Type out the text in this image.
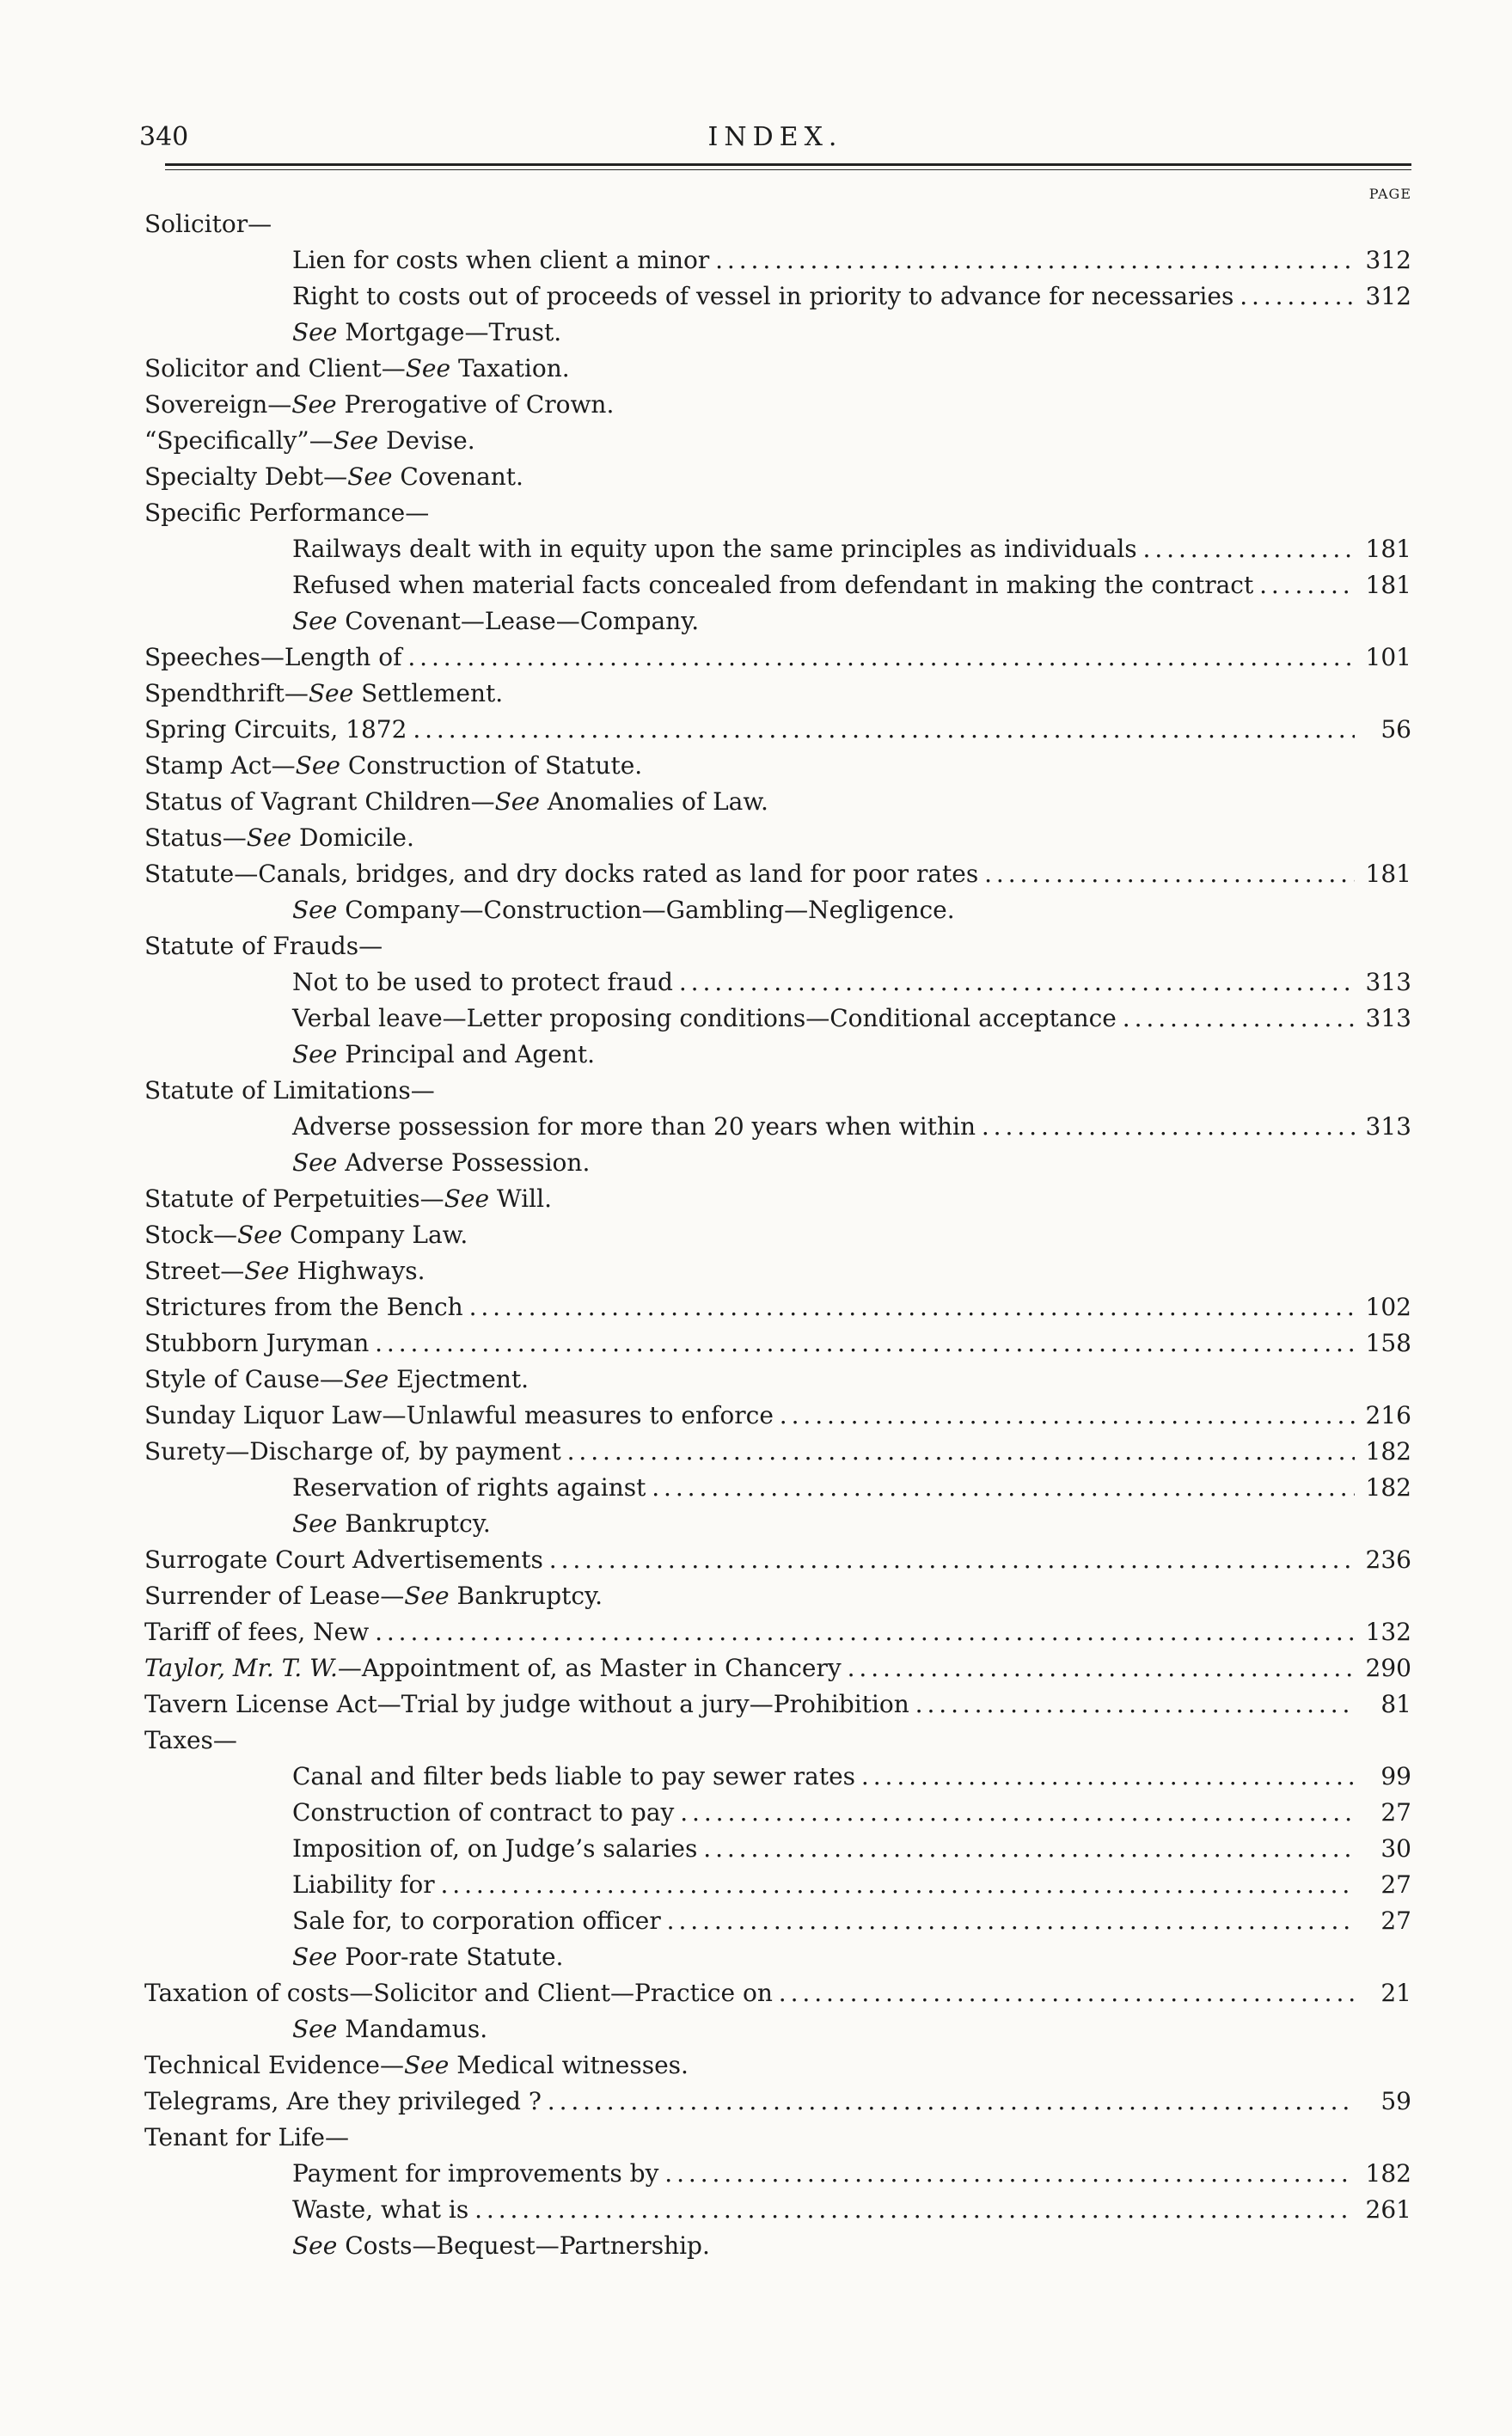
340	INDEX.
PAGE
Solicitor—
Lien for costs when client a minor . . .	312
Right to costs out of proceeds of vessel in priority to advance for necessaries . . .	312
See Mortgage—Trust.
Solicitor and Client—See Taxation.
Sovereign—See Prerogative of Crown.
“Specifically”—See Devise.
Specialty Debt—See Covenant.
Specific Performance—
Railways dealt with in equity upon the same principles as individuals . . .	181
Refused when material facts concealed from defendant in making the contract . . .	181
See Covenant—Lease—Company.
Speeches—Length of . . .	101
Spendthrift—See Settlement.
Spring Circuits, 1872 . . .	56
Stamp Act—See Construction of Statute.
Status of Vagrant Children—See Anomalies of Law.
Status—See Domicile.
Statute—Canals, bridges, and dry docks rated as land for poor rates . . .	181
See Company—Construction—Gambling—Negligence.
Statute of Frauds—
Not to be used to protect fraud . . .	313
Verbal leave—Letter proposing conditions—Conditional acceptance . . .	313
See Principal and Agent.
Statute of Limitations—
Adverse possession for more than 20 years when within . . .	313
See Adverse Possession.
Statute of Perpetuities—See Will.
Stock—See Company Law.
Street—See Highways.
Strictures from the Bench . . .	102
Stubborn Juryman . . .	158
Style of Cause—See Ejectment.
Sunday Liquor Law—Unlawful measures to enforce . . .	216
Surety—Discharge of, by payment . . .	182
Reservation of rights against . . .	182
See Bankruptcy.
Surrogate Court Advertisements . . .	236
Surrender of Lease—See Bankruptcy.
Tariff of fees, New . . .	132
Taylor, Mr. T. W.—Appointment of, as Master in Chancery . . .	290
Tavern License Act—Trial by judge without a jury—Prohibition . . .	81
Taxes—
Canal and filter beds liable to pay sewer rates . . .	99
Construction of contract to pay . . .	27
Imposition of, on Judge’s salaries . . .	30
Liability for . . .	27
Sale for, to corporation officer . . .	27
See Poor-rate Statute.
Taxation of costs—Solicitor and Client—Practice on . . .	21
See Mandamus.
Technical Evidence—See Medical witnesses.
Telegrams, Are they privileged ? . . .	59
Tenant for Life—
Payment for improvements by . . .	182
Waste, what is . . .	261
See Costs—Bequest—Partnership.
